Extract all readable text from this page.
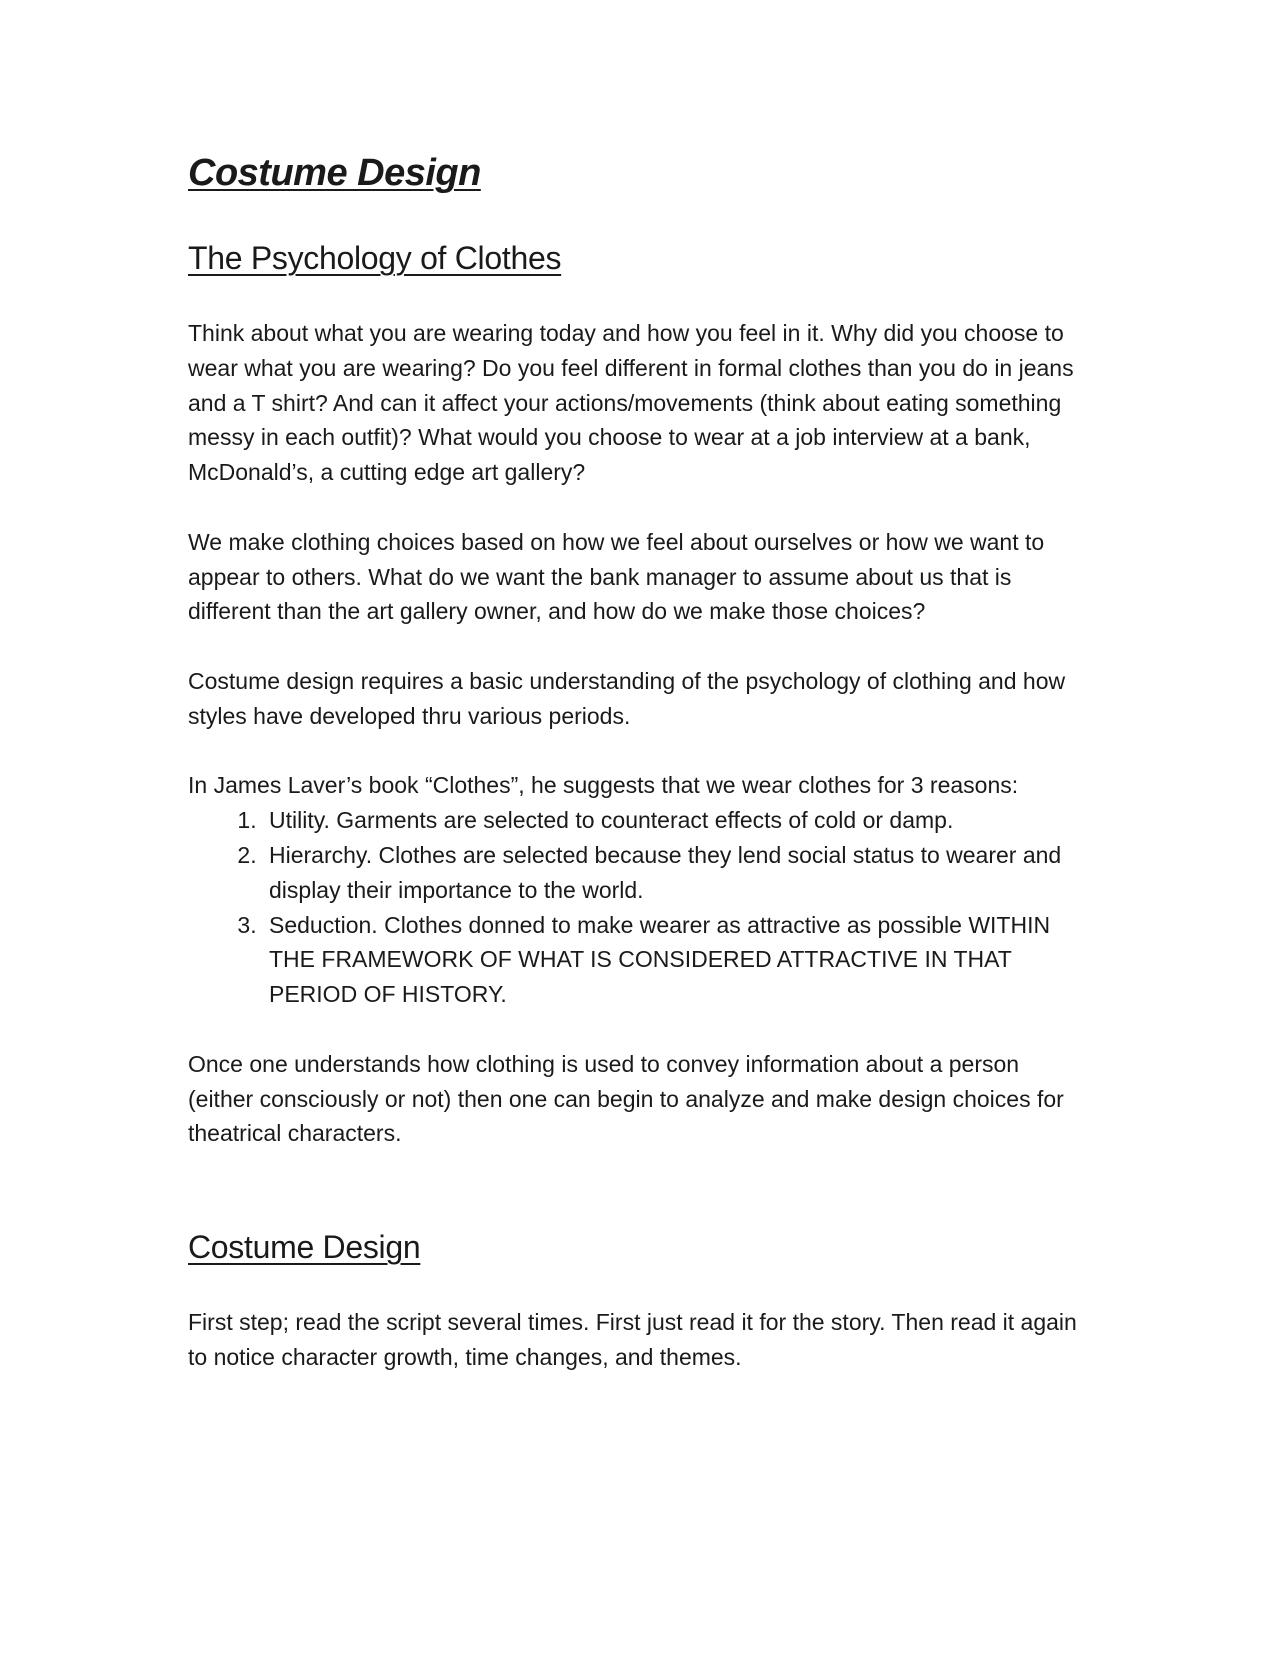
Costume Design
The Psychology of Clothes

Think about what you are wearing today and how you feel in it. Why did you choose to wear what you are wearing? Do you feel different in formal clothes than you do in jeans and a T shirt? And can it affect your actions/movements (think about eating something messy in each outfit)? What would you choose to wear at a job interview at a bank, McDonald’s, a cutting edge art gallery?

We make clothing choices based on how we feel about ourselves or how we want to appear to others. What do we want the bank manager to assume about us that is different than the art gallery owner, and how do we make those choices?

Costume design requires a basic understanding of the psychology of clothing and how styles have developed thru various periods.

In James Laver’s book “Clothes”, he suggests that we wear clothes for 3 reasons:

1. Utility. Garments are selected to counteract effects of cold or damp.
2. Hierarchy. Clothes are selected because they lend social status to wearer and display their importance to the world.
3. Seduction. Clothes donned to make wearer as attractive as possible WITHIN THE FRAMEWORK OF WHAT IS CONSIDERED ATTRACTIVE IN THAT PERIOD OF HISTORY.

Once one understands how clothing is used to convey information about a person (either consciously or not) then one can begin to analyze and make design choices for theatrical characters.

Costume Design

First step; read the script several times. First just read it for the story. Then read it again to notice character growth, time changes, and themes.
